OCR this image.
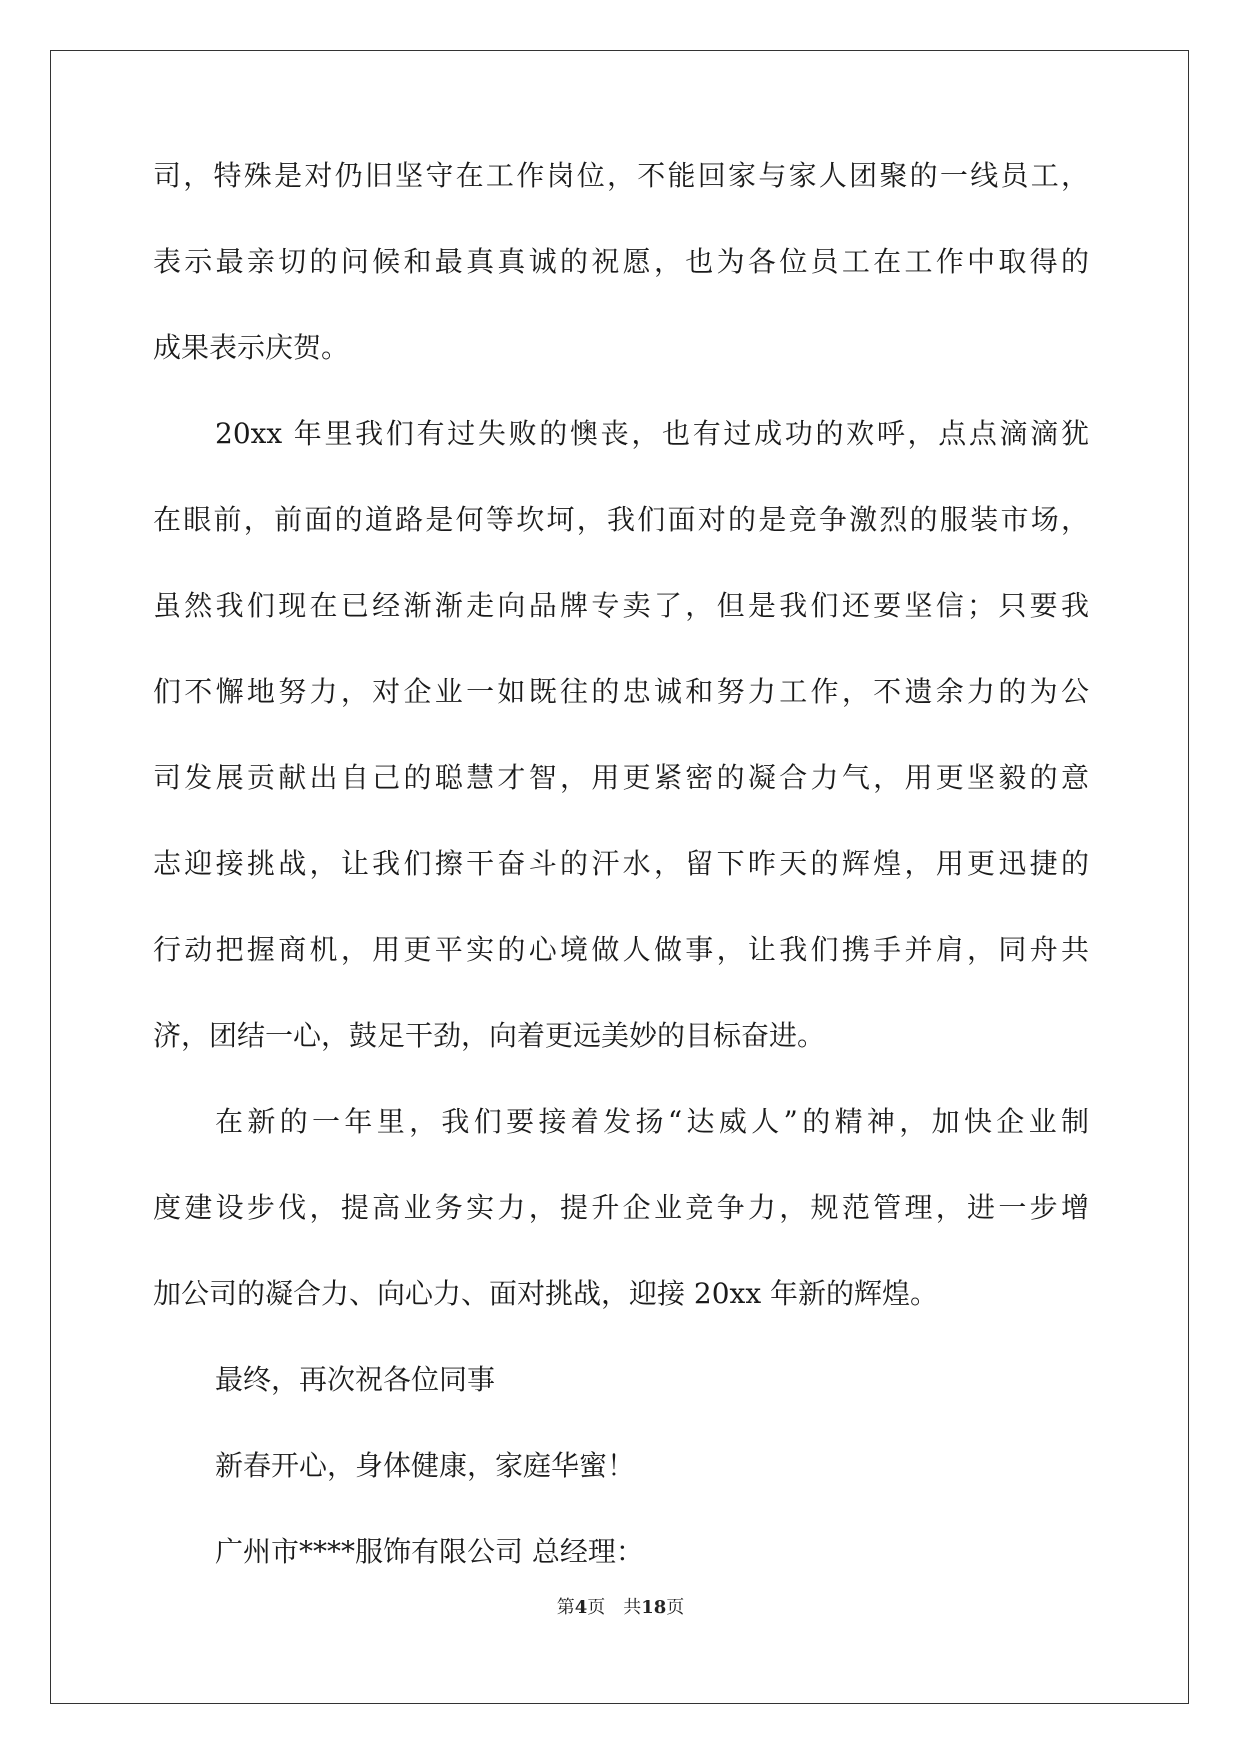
司，特殊是对仍旧坚守在工作岗位，不能回家与家人团聚的一线员工，
表示最亲切的问候和最真真诚的祝愿，也为各位员工在工作中取得的
成果表示庆贺。
20xx 年里我们有过失败的懊丧，也有过成功的欢呼，点点滴滴犹
在眼前，前面的道路是何等坎坷，我们面对的是竞争激烈的服装市场，
虽然我们现在已经渐渐走向品牌专卖了，但是我们还要坚信；只要我
们不懈地努力，对企业一如既往的忠诚和努力工作，不遗余力的为公
司发展贡献出自己的聪慧才智，用更紧密的凝合力气，用更坚毅的意
志迎接挑战，让我们擦干奋斗的汗水，留下昨天的辉煌，用更迅捷的
行动把握商机，用更平实的心境做人做事，让我们携手并肩，同舟共
济，团结一心，鼓足干劲，向着更远美妙的目标奋进。
在新的一年里，我们要接着发扬“达威人”的精神，加快企业制
度建设步伐，提高业务实力，提升企业竞争力，规范管理，进一步增
加公司的凝合力、向心力、面对挑战，迎接 20xx 年新的辉煌。
最终，再次祝各位同事
新春开心，身体健康，家庭华蜜！
广州市****服饰有限公司 总经理：
第4页 共18页
